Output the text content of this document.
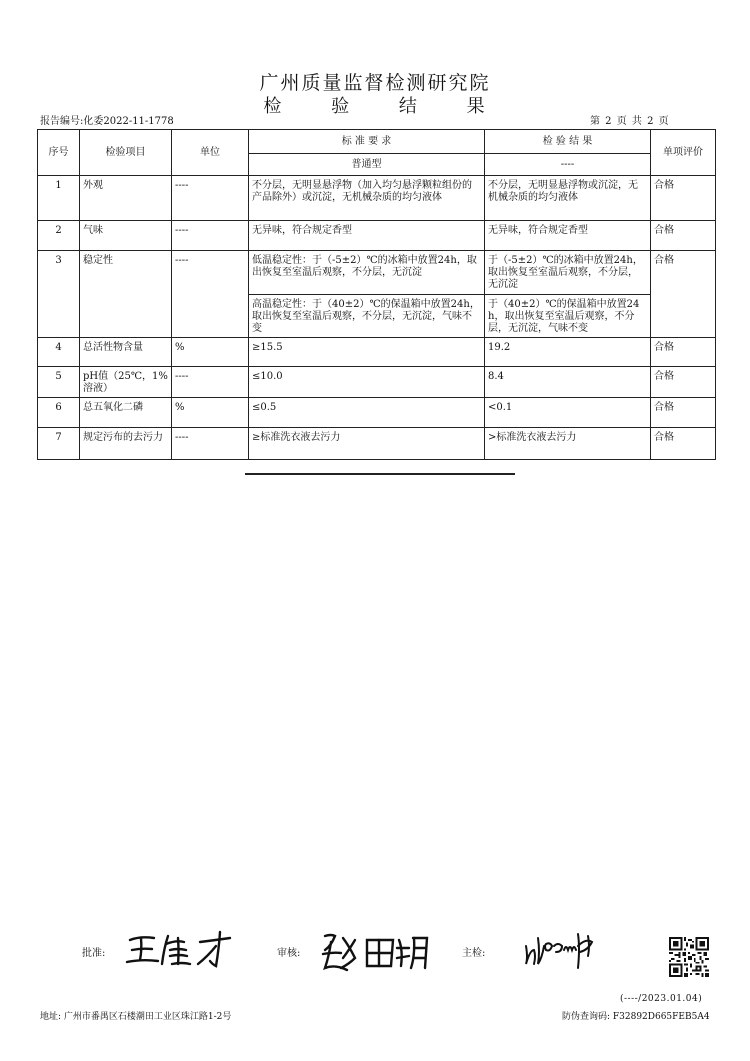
广州质量监督检测研究院
检 验 结 果
报告编号:化委2022-11-1778	第 2 页 共 2 页
序号	检验项目	单位	标 准 要 求	检 验 结 果	单项评价
			普通型	----	
1	外观	----	不分层，无明显悬浮物（加入均匀悬浮颗粒组份的产品除外）或沉淀，无机械杂质的均匀液体	不分层，无明显悬浮物或沉淀，无机械杂质的均匀液体	合格
2	气味	----	无异味，符合规定香型	无异味，符合规定香型	合格
3	稳定性	----	低温稳定性：于（-5±2）℃的冰箱中放置24h，取出恢复至室温后观察，不分层，无沉淀	于（-5±2）℃的冰箱中放置24h，取出恢复至室温后观察，不分层，无沉淀	合格
			高温稳定性：于（40±2）℃的保温箱中放置24h，取出恢复至室温后观察，不分层，无沉淀，气味不变	于（40±2）℃的保温箱中放置24h，取出恢复至室温后观察，不分层，无沉淀，气味不变	
4	总活性物含量	%	≥15.5	19.2	合格
5	pH值（25℃，1%溶液）	----	≤10.0	8.4	合格
6	总五氧化二磷	%	≤0.5	<0.1	合格
7	规定污布的去污力	----	≥标准洗衣液去污力	>标准洗衣液去污力	合格
批准:	审核:	主检:
(----/2023.01.04)
地址: 广州市番禺区石楼潮田工业区珠江路1-2号	防伪查询码: F32892D665FEB5A4
